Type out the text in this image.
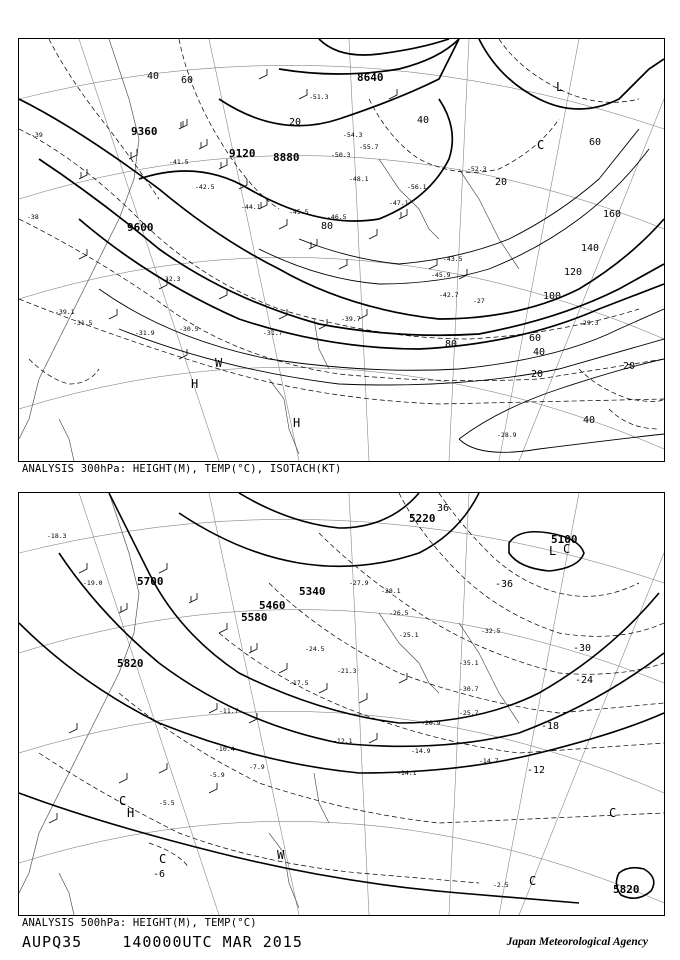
9360
9600
9120 8880
8640
40 60
80
100
120
140
160
40
60
20
20
20
40
60
80
20
40
L
C
W
H
H
-41.5
-42.5
-45.5
-46.5
-48.1
-50.3
-52.3
-54.3
-55.7
-56.1
-39.7
-39.1
-31.5
-31.9	-30.5	-31.7
-32.3
-28.9
-29.3
-27
-38
-39
-45.9
-43.5
-42.7
-44.1	-47.1
-51.3
ANALYSIS 300hPa: HEIGHT(M), TEMP(°C), ISOTACH(KT)
5700
5820
5460
5580
5340
5220
5100
5820
-36
-30
-24
-18
-12
-6
36
L C
C
H
C	W
C
C
-27.9
-28.1
-26.5
-25.1
-35.1
-32.5
-24.5
-21.3
-17.5
-14.1
-14.7
-11.7
-10.4
-7.9
-5.5
-5.9
-2.5
-30.7
-25.7
-20.9
-14.9
-12.1
-19.0
-18.3
ANALYSIS 500hPa: HEIGHT(M), TEMP(°C)
AUPQ35	140000UTC MAR 2015	Japan Meteorological Agency
